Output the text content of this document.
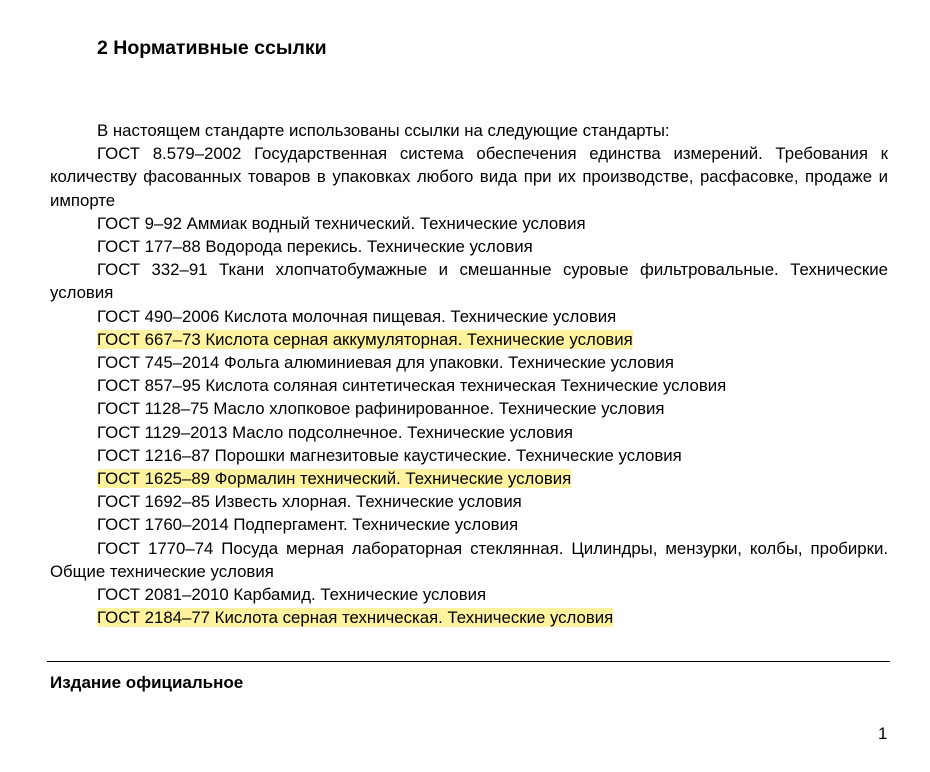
2 Нормативные ссылки

В настоящем стандарте использованы ссылки на следующие стандарты:

ГОСТ 8.579–2002 Государственная система обеспечения единства измерений. Требования к количеству фасованных товаров в упаковках любого вида при их производстве, расфасовке, продаже и импорте

ГОСТ 9–92 Аммиак водный технический. Технические условия

ГОСТ 177–88 Водорода перекись. Технические условия

ГОСТ 332–91 Ткани хлопчатобумажные и смешанные суровые фильтровальные. Технические условия

ГОСТ 490–2006 Кислота молочная пищевая. Технические условия

ГОСТ 667–73 Кислота серная аккумуляторная. Технические условия

ГОСТ 745–2014 Фольга алюминиевая для упаковки. Технические условия

ГОСТ 857–95 Кислота соляная синтетическая техническая Технические условия

ГОСТ 1128–75 Масло хлопковое рафинированное. Технические условия

ГОСТ 1129–2013 Масло подсолнечное. Технические условия

ГОСТ 1216–87 Порошки магнезитовые каустические. Технические условия

ГОСТ 1625–89 Формалин технический. Технические условия

ГОСТ 1692–85 Известь хлорная. Технические условия

ГОСТ 1760–2014 Подпергамент. Технические условия

ГОСТ 1770–74 Посуда мерная лабораторная стеклянная. Цилиндры, мензурки, колбы, пробирки. Общие технические условия

ГОСТ 2081–2010 Карбамид. Технические условия

ГОСТ 2184–77 Кислота серная техническая. Технические условия

Издание официальное
1
